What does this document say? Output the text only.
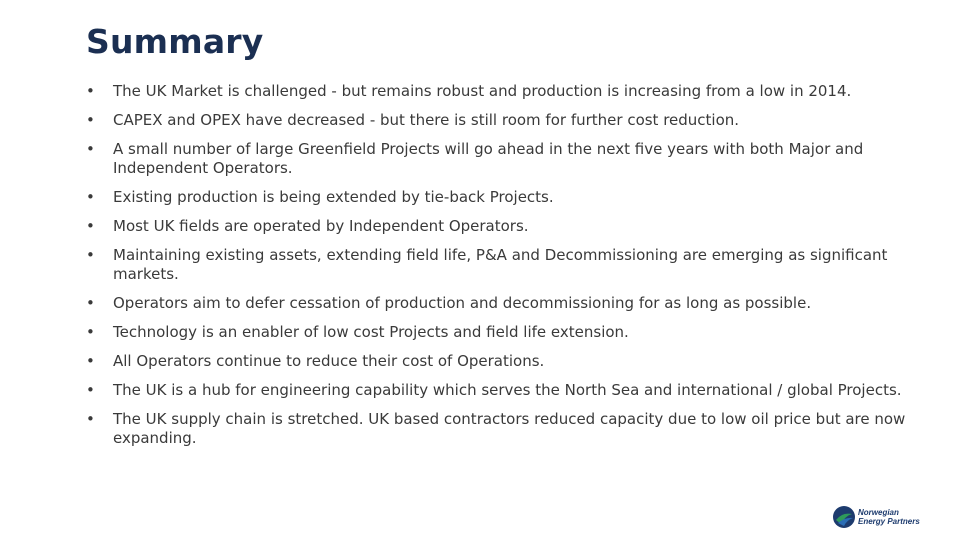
Summary
• The UK Market is challenged - but remains robust and production is increasing from a low in 2014.
• CAPEX and OPEX have decreased - but there is still room for further cost reduction.
• A small number of large Greenfield Projects will go ahead in the next five years with both Major and Independent Operators.
• Existing production is being extended by tie-back Projects.
• Most UK fields are operated by Independent Operators.
• Maintaining existing assets, extending field life, P&A and Decommissioning are emerging as significant markets.
• Operators aim to defer cessation of production and decommissioning for as long as possible.
• Technology is an enabler of low cost Projects and field life extension.
• All Operators continue to reduce their cost of Operations.
• The UK is a hub for engineering capability which serves the North Sea and international / global Projects.
• The UK supply chain is stretched. UK based contractors reduced capacity due to low oil price but are now expanding.
Norwegian
Energy Partners
